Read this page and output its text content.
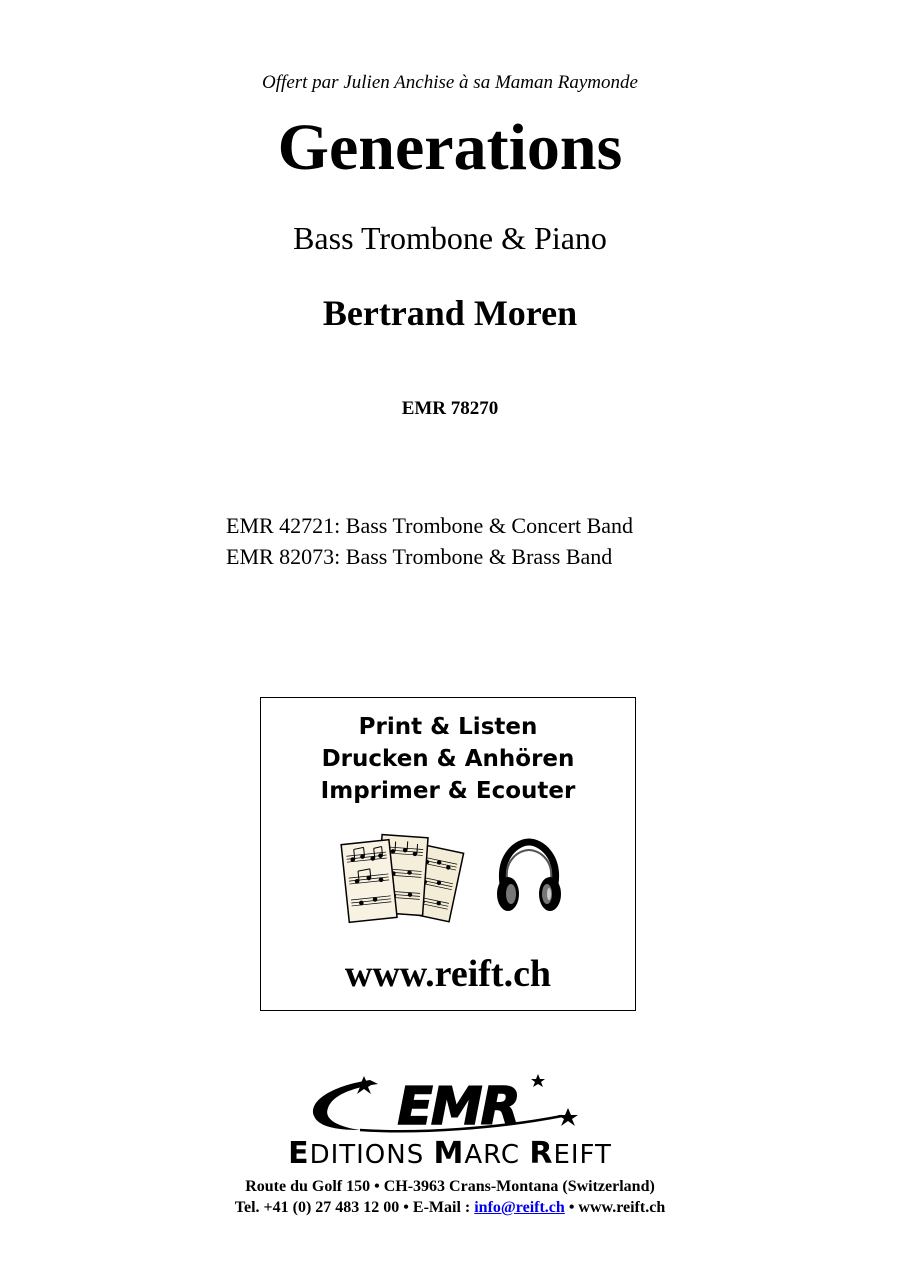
Offert par Julien Anchise à sa Maman Raymonde
Generations
Bass Trombone & Piano
Bertrand Moren
EMR 78270
EMR 42721: Bass Trombone & Concert Band
EMR 82073: Bass Trombone & Brass Band
Print & Listen
Drucken & Anhören
Imprimer & Ecouter
www.reift.ch
EMR
EDITIONS MARC REIFT
Route du Golf 150 • CH-3963 Crans-Montana (Switzerland)
Tel. +41 (0) 27 483 12 00 • E-Mail : info@reift.ch • www.reift.ch
